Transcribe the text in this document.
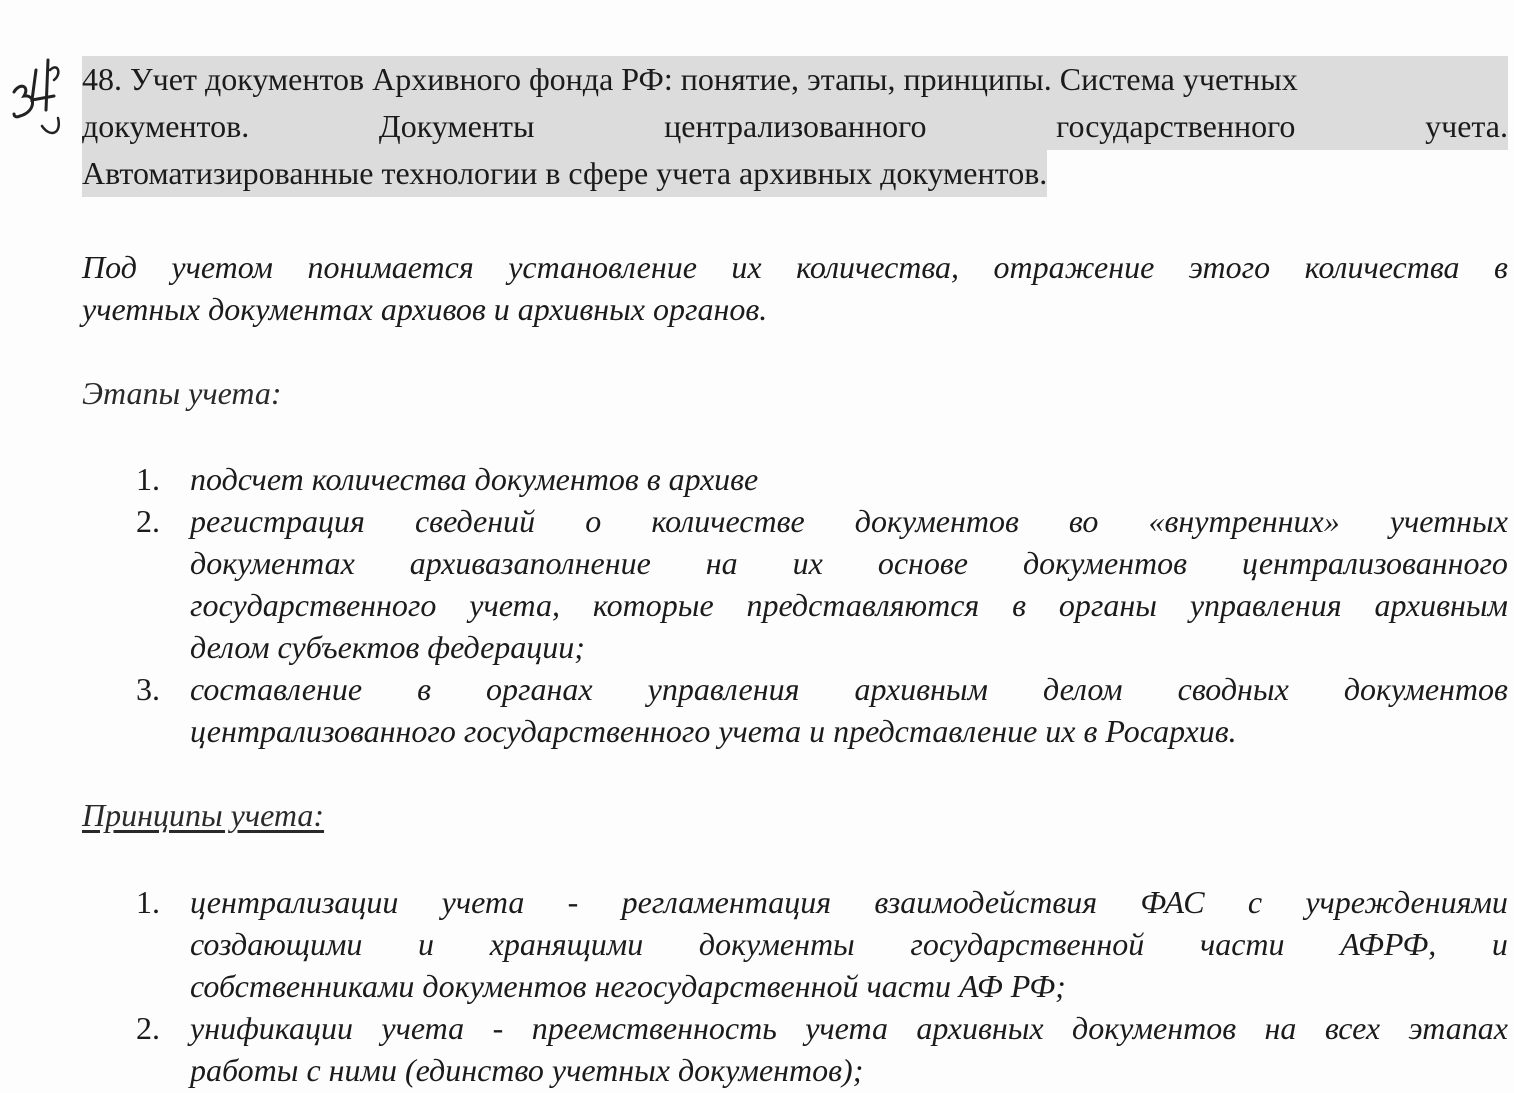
48. Учет документов Архивного фонда РФ: понятие, этапы, принципы. Система учетных
документов.	Документы	централизованного	государственного	учета.
Автоматизированные технологии в сфере учета архивных документов.
Под учетом понимается установление их количества, отражение этого количества в
учетных документах архивов и архивных органов.
Этапы учета:
1. подсчет количества документов в архиве
2. регистрация сведений о количестве документов во «внутренних» учетных
документах архивазаполнение на их основе документов централизованного
государственного учета, которые представляются в органы управления архивным
делом субъектов федерации;
3. составление в органах управления архивным делом сводных документов
централизованного государственного учета и представление их в Росархив.
Принципы учета:
1. централизации учета - регламентация взаимодействия ФАС с учреждениями
создающими и хранящими документы государственной части АФРФ, и
собственниками документов негосударственной части АФ РФ;
2. унификации учета - преемственность учета архивных документов на всех этапах
работы с ними (единство учетных документов);
